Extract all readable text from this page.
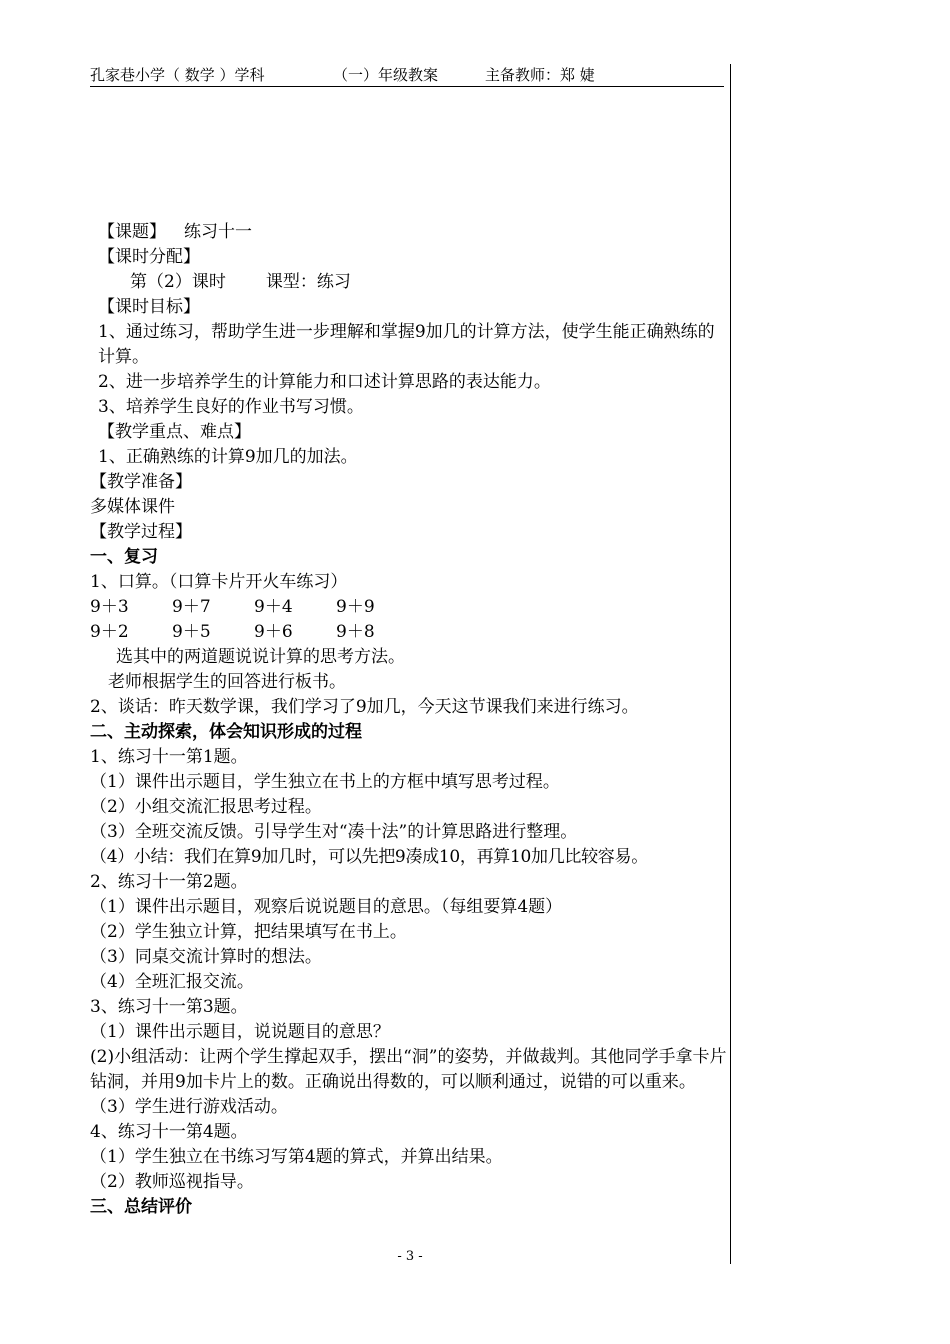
孔家巷小学（ 数学 ）学科	（一）年级教案	主备教师：郑 婕
【课题】 练习十一
【课时分配】
第（2）课时 课型：练习
【课时目标】
1、通过练习，帮助学生进一步理解和掌握9加几的计算方法，使学生能正确熟练的计算。
2、进一步培养学生的计算能力和口述计算思路的表达能力。
3、培养学生良好的作业书写习惯。
【教学重点、难点】
1、正确熟练的计算9加几的加法。
【教学准备】
多媒体课件
【教学过程】
一、复习
1、口算。（口算卡片开火车练习）
9＋3	9＋7	9＋4	9＋9
9＋2	9＋5	9＋6	9＋8
选其中的两道题说说计算的思考方法。
老师根据学生的回答进行板书。
2、谈话：昨天数学课，我们学习了9加几，今天这节课我们来进行练习。
二、主动探索，体会知识形成的过程
1、练习十一第1题。
（1）课件出示题目，学生独立在书上的方框中填写思考过程。
（2）小组交流汇报思考过程。
（3）全班交流反馈。引导学生对“凑十法”的计算思路进行整理。
（4）小结：我们在算9加几时，可以先把9凑成10，再算10加几比较容易。
2、练习十一第2题。
（1）课件出示题目，观察后说说题目的意思。（每组要算4题）
（2）学生独立计算，把结果填写在书上。
（3）同桌交流计算时的想法。
（4）全班汇报交流。
3、练习十一第3题。
（1）课件出示题目，说说题目的意思？
(2)小组活动：让两个学生撑起双手，摆出“洞”的姿势，并做裁判。其他同学手拿卡片钻洞，并用9加卡片上的数。正确说出得数的，可以顺利通过，说错的可以重来。
（3）学生进行游戏活动。
4、练习十一第4题。
（1）学生独立在书练习写第4题的算式，并算出结果。
（2）教师巡视指导。
三、总结评价
- 3 -
